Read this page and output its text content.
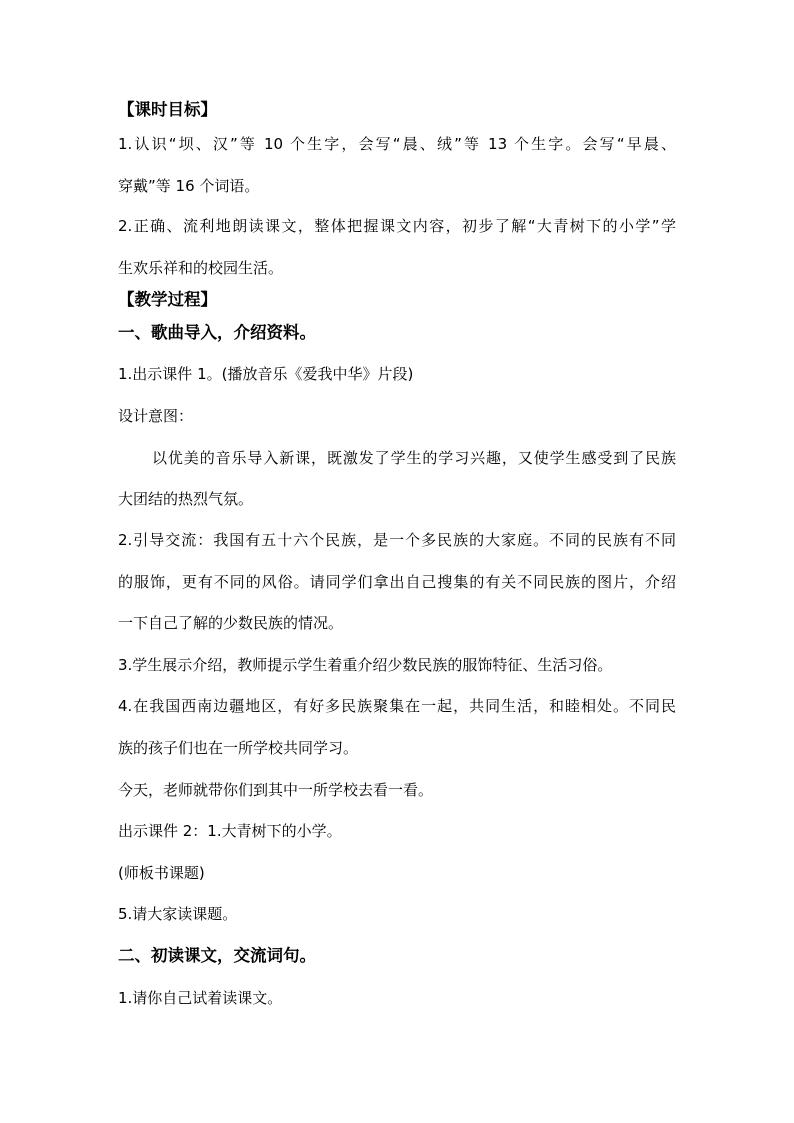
【课时目标】
1.认识“坝、汉”等 10 个生字，会写“晨、绒”等 13 个生字。会写“早晨、
穿戴”等 16 个词语。
2.正确、流利地朗读课文，整体把握课文内容，初步了解“大青树下的小学”学
生欢乐祥和的校园生活。
【教学过程】
一、歌曲导入，介绍资料。
1.出示课件 1。(播放音乐《爱我中华》片段)
设计意图：
以优美的音乐导入新课，既激发了学生的学习兴趣，又使学生感受到了民族
大团结的热烈气氛。
2.引导交流：我国有五十六个民族，是一个多民族的大家庭。不同的民族有不同
的服饰，更有不同的风俗。请同学们拿出自己搜集的有关不同民族的图片，介绍
一下自己了解的少数民族的情况。
3.学生展示介绍，教师提示学生着重介绍少数民族的服饰特征、生活习俗。
4.在我国西南边疆地区，有好多民族聚集在一起，共同生活，和睦相处。不同民
族的孩子们也在一所学校共同学习。
今天，老师就带你们到其中一所学校去看一看。
出示课件 2：1.大青树下的小学。
(师板书课题)
5.请大家读课题。
二、初读课文，交流词句。
1.请你自己试着读课文。
